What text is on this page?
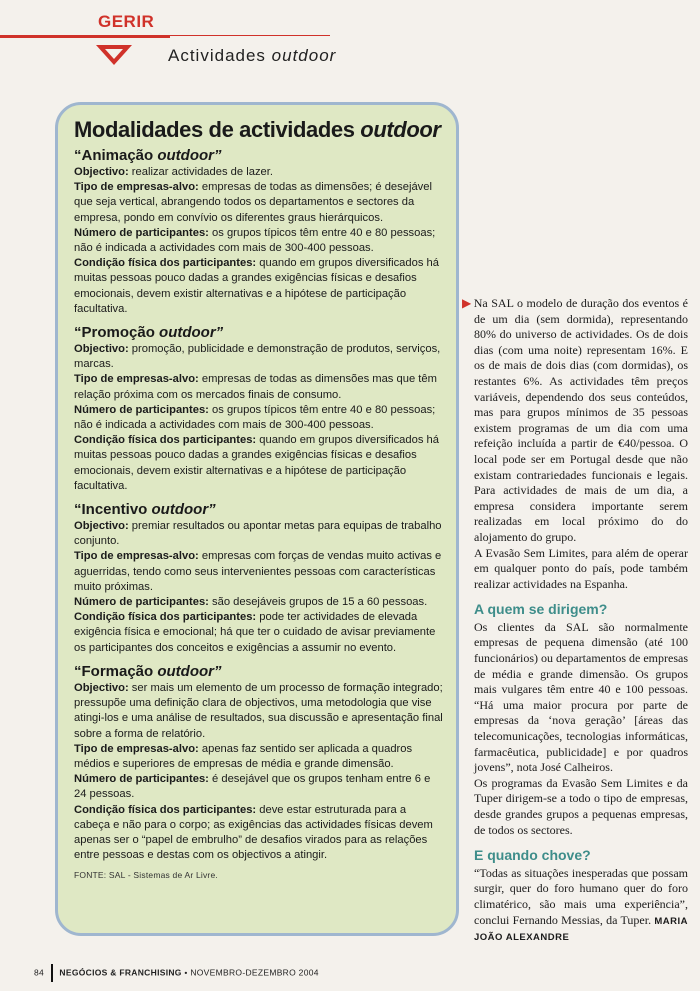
GERIR
Actividades outdoor
Modalidades de actividades outdoor
“Animação outdoor”

Objectivo: realizar actividades de lazer.

Tipo de empresas-alvo: empresas de todas as dimensões; é desejável que seja vertical, abrangendo todos os departamentos e sectores da empresa, pondo em convívio os diferentes graus hierárquicos.

Número de participantes: os grupos típicos têm entre 40 e 80 pessoas; não é indicada a actividades com mais de 300-400 pessoas.

Condição física dos participantes: quando em grupos diversificados há muitas pessoas pouco dadas a grandes exigências físicas e desafios emocionais, devem existir alternativas e a hipótese de participação facultativa.

“Promoção outdoor”

Objectivo: promoção, publicidade e demonstração de produtos, serviços, marcas.

Tipo de empresas-alvo: empresas de todas as dimensões mas que têm relação próxima com os mercados finais de consumo.

Número de participantes: os grupos típicos têm entre 40 e 80 pessoas; não é indicada a actividades com mais de 300-400 pessoas.

Condição física dos participantes: quando em grupos diversificados há muitas pessoas pouco dadas a grandes exigências físicas e desafios emocionais, devem existir alternativas e a hipótese de participação facultativa.

“Incentivo outdoor”

Objectivo: premiar resultados ou apontar metas para equipas de trabalho conjunto.

Tipo de empresas-alvo: empresas com forças de vendas muito activas e aguerridas, tendo como seus intervenientes pessoas com características muito próximas.

Número de participantes: são desejáveis grupos de 15 a 60 pessoas.

Condição física dos participantes: pode ter actividades de elevada exigência física e emocional; há que ter o cuidado de avisar previamente os participantes dos conceitos e exigências a assumir no evento.

“Formação outdoor”

Objectivo: ser mais um elemento de um processo de formação integrado; pressupõe uma definição clara de objectivos, uma metodologia que vise atingi-los e uma análise de resultados, sua discussão e apresentação final sobre a forma de relatório.

Tipo de empresas-alvo: apenas faz sentido ser aplicada a quadros médios e superiores de empresas de média e grande dimensão.

Número de participantes: é desejável que os grupos tenham entre 6 e 24 pessoas.

Condição física dos participantes: deve estar estruturada para a cabeça e não para o corpo; as exigências das actividades físicas devem apenas ser o “papel de embrulho” de desafios virados para as relações entre pessoas e destas com os objectivos a atingir.

FONTE: SAL - Sistemas de Ar Livre.

▶ Na SAL o modelo de duração dos eventos é de um dia (sem dormida), representando 80% do universo de actividades. Os de dois dias (com uma noite) representam 16%. E os de mais de dois dias (com dormidas), os restantes 6%. As actividades têm preços variáveis, dependendo dos seus conteúdos, mas para grupos mínimos de 35 pessoas existem programas de um dia com uma refeição incluída a partir de €40/pessoa. O local pode ser em Portugal desde que não existam contrariedades funcionais e legais. Para actividades de mais de um dia, a empresa considera importante serem realizadas em local próximo do do alojamento do grupo.

A Evasão Sem Limites, para além de operar em qualquer ponto do país, pode também realizar actividades na Espanha.

A quem se dirigem?

Os clientes da SAL são normalmente empresas de pequena dimensão (até 100 funcionários) ou departamentos de empresas de média e grande dimensão. Os grupos mais vulgares têm entre 40 e 100 pessoas. “Há uma maior procura por parte de empresas da ‘nova geração’ [áreas das telecomunicações, tecnologias informáticas, farmacêutica, publicidade] e por quadros jovens”, nota José Calheiros.

Os programas da Evasão Sem Limites e da Tuper dirigem-se a todo o tipo de empresas, desde grandes grupos a pequenas empresas, de todos os sectores.

E quando chove?

“Todas as situações inesperadas que possam surgir, quer do foro humano quer do foro climatérico, são mais uma experiência”, conclui Fernando Messias, da Tuper. MARIA JOÃO ALEXANDRE

84 NEGÓCIOS & FRANCHISING • NOVEMBRO-DEZEMBRO 2004
